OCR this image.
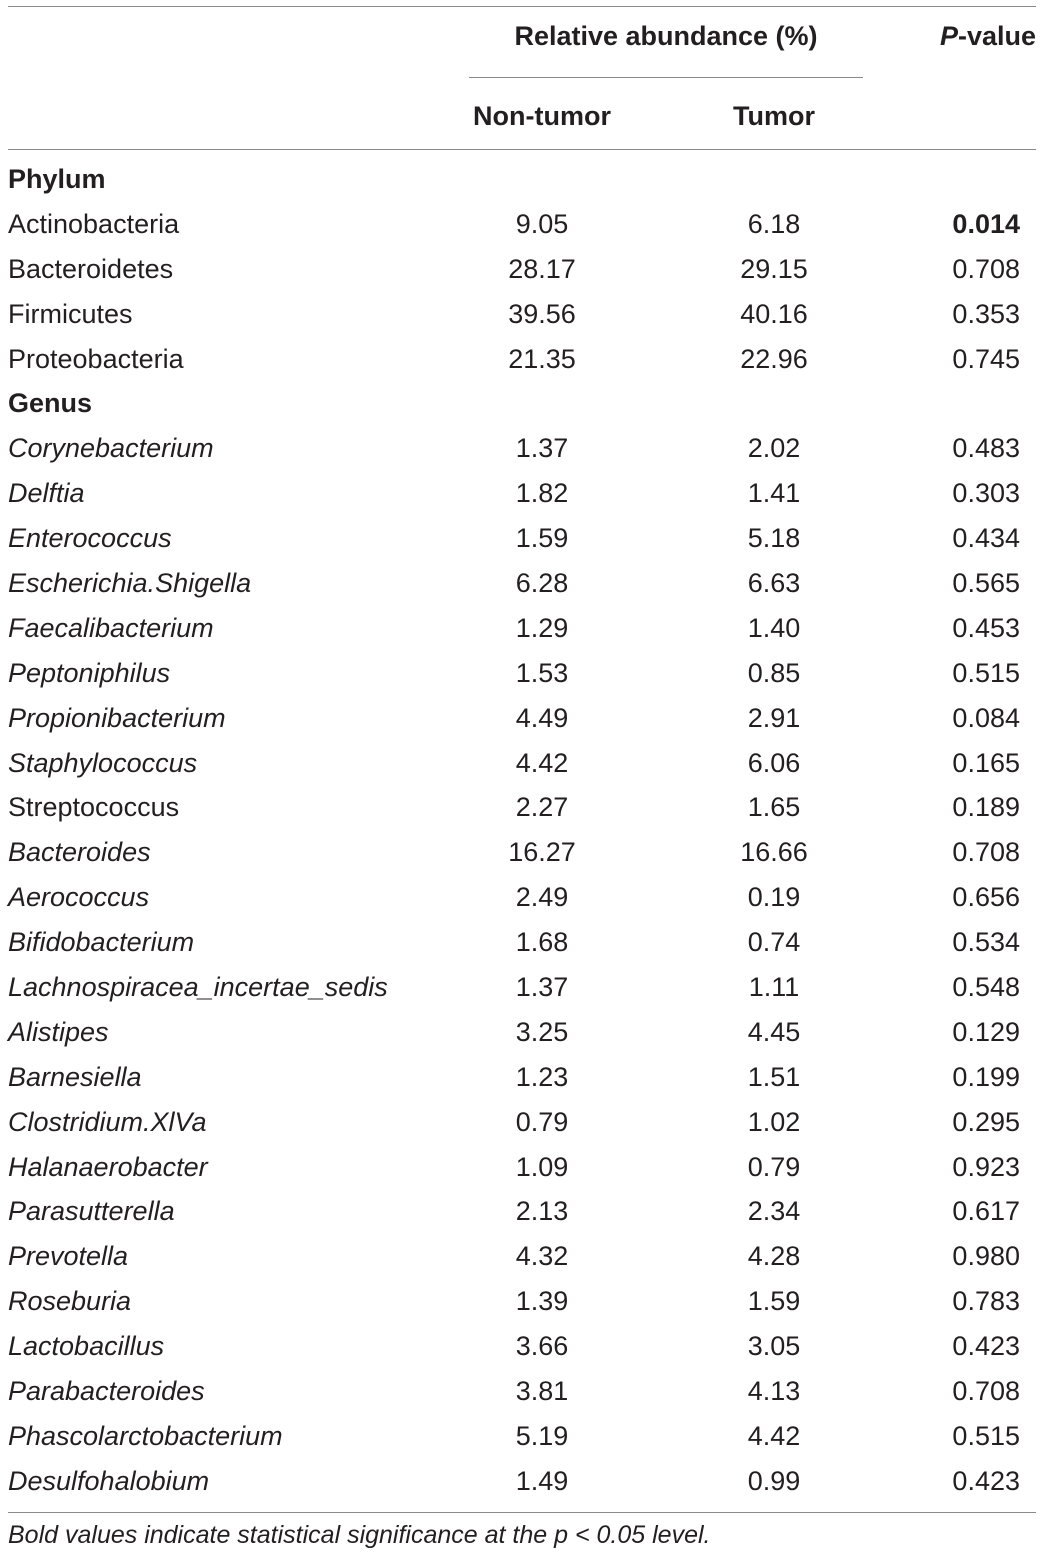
Relative abundance (%)	P-value
Non-tumor	Tumor
Phylum
Actinobacteria	9.05	6.18	0.014
Bacteroidetes	28.17	29.15	0.708
Firmicutes	39.56	40.16	0.353
Proteobacteria	21.35	22.96	0.745
Genus
Corynebacterium	1.37	2.02	0.483
Delftia	1.82	1.41	0.303
Enterococcus	1.59	5.18	0.434
Escherichia.Shigella	6.28	6.63	0.565
Faecalibacterium	1.29	1.40	0.453
Peptoniphilus	1.53	0.85	0.515
Propionibacterium	4.49	2.91	0.084
Staphylococcus	4.42	6.06	0.165
Streptococcus	2.27	1.65	0.189
Bacteroides	16.27	16.66	0.708
Aerococcus	2.49	0.19	0.656
Bifidobacterium	1.68	0.74	0.534
Lachnospiracea_incertae_sedis	1.37	1.11	0.548
Alistipes	3.25	4.45	0.129
Barnesiella	1.23	1.51	0.199
Clostridium.XlVa	0.79	1.02	0.295
Halanaerobacter	1.09	0.79	0.923
Parasutterella	2.13	2.34	0.617
Prevotella	4.32	4.28	0.980
Roseburia	1.39	1.59	0.783
Lactobacillus	3.66	3.05	0.423
Parabacteroides	3.81	4.13	0.708
Phascolarctobacterium	5.19	4.42	0.515
Desulfohalobium	1.49	0.99	0.423
Bold values indicate statistical significance at the p < 0.05 level.
